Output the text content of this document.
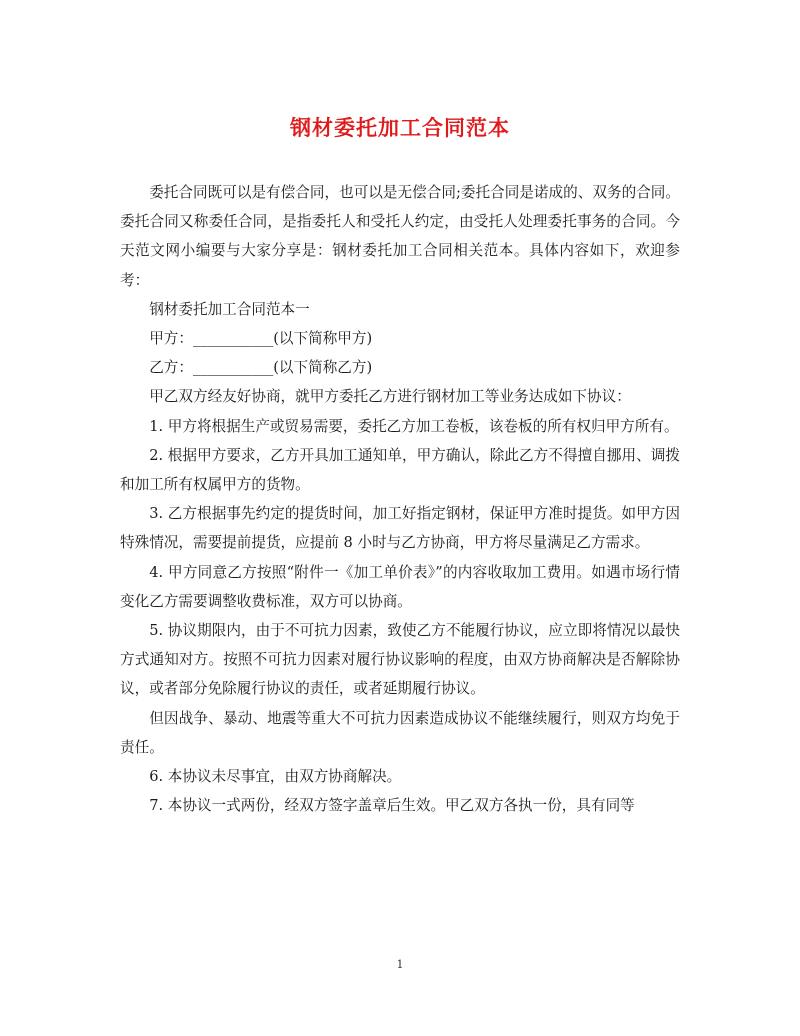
钢材委托加工合同范本

委托合同既可以是有偿合同，也可以是无偿合同;委托合同是诺成的、双务的合同。委托合同又称委任合同，是指委托人和受托人约定，由受托人处理委托事务的合同。今天范文网小编要与大家分享是：钢材委托加工合同相关范本。具体内容如下，欢迎参考：

钢材委托加工合同范本一

甲方：___________(以下简称甲方)

乙方：___________(以下简称乙方)

甲乙双方经友好协商，就甲方委托乙方进行钢材加工等业务达成如下协议：

1. 甲方将根据生产或贸易需要，委托乙方加工卷板，该卷板的所有权归甲方所有。

2. 根据甲方要求，乙方开具加工通知单，甲方确认，除此乙方不得擅自挪用、调拨和加工所有权属甲方的货物。

3. 乙方根据事先约定的提货时间，加工好指定钢材，保证甲方准时提货。如甲方因特殊情况，需要提前提货，应提前 8 小时与乙方协商，甲方将尽量满足乙方需求。

4. 甲方同意乙方按照“附件一《加工单价表》”的内容收取加工费用。如遇市场行情变化乙方需要调整收费标准，双方可以协商。

5. 协议期限内，由于不可抗力因素，致使乙方不能履行协议，应立即将情况以最快方式通知对方。按照不可抗力因素对履行协议影响的程度，由双方协商解决是否解除协议，或者部分免除履行协议的责任，或者延期履行协议。

但因战争、暴动、地震等重大不可抗力因素造成协议不能继续履行，则双方均免于责任。

6. 本协议未尽事宜，由双方协商解决。

7. 本协议一式两份，经双方签字盖章后生效。甲乙双方各执一份，具有同等

1
